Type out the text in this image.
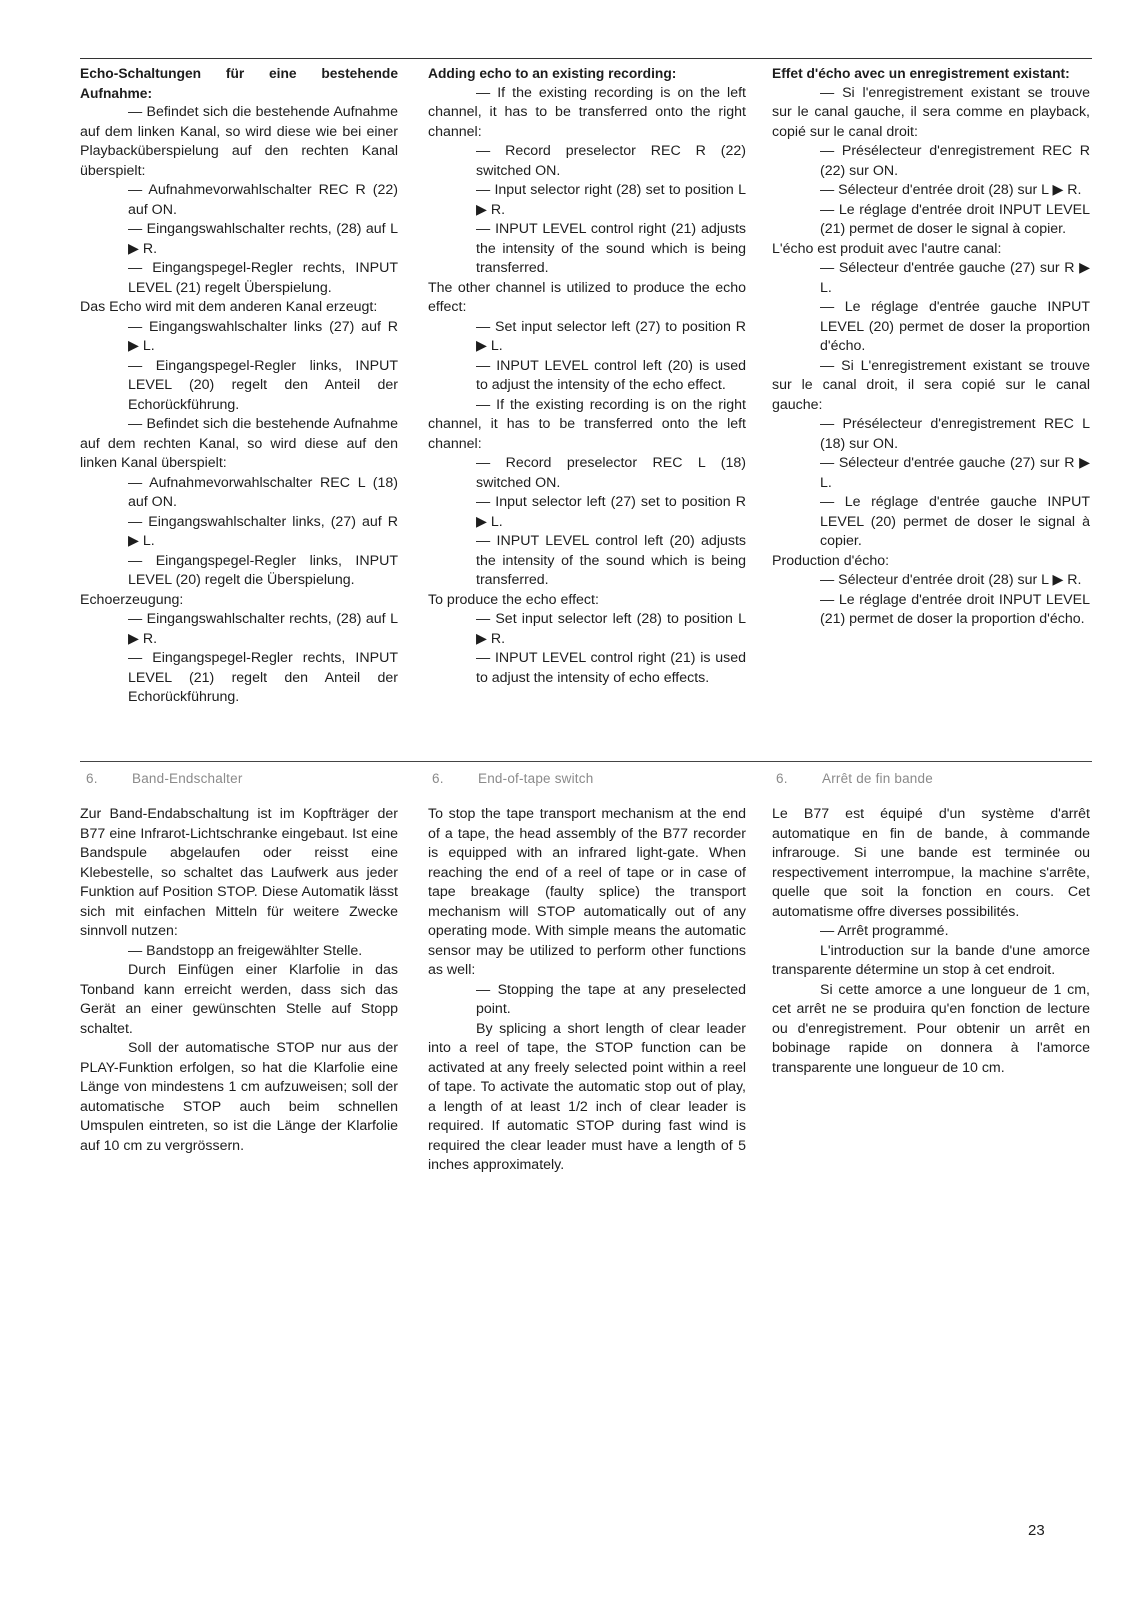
Echo-Schaltungen für eine bestehende Aufnahme:

— Befindet sich die bestehende Aufnahme auf dem linken Kanal, so wird diese wie bei einer Playbacküberspielung auf den rechten Kanal überspielt:

— Aufnahmevorwahlschalter REC R (22) auf ON.

— Eingangswahlschalter rechts, (28) auf L ▶ R.

— Eingangspegel-Regler rechts, INPUT LEVEL (21) regelt Überspielung.

Das Echo wird mit dem anderen Kanal erzeugt:

— Eingangswahlschalter links (27) auf R ▶ L.

— Eingangspegel-Regler links, INPUT LEVEL (20) regelt den Anteil der Echorückführung.

— Befindet sich die bestehende Aufnahme auf dem rechten Kanal, so wird diese auf den linken Kanal überspielt:

— Aufnahmevorwahlschalter REC L (18) auf ON.

— Eingangswahlschalter links, (27) auf R ▶ L.

— Eingangspegel-Regler links, INPUT LEVEL (20) regelt die Überspielung.

Echoerzeugung:

— Eingangswahlschalter rechts, (28) auf L ▶ R.

— Eingangspegel-Regler rechts, INPUT LEVEL (21) regelt den Anteil der Echorückführung.

Adding echo to an existing recording:

— If the existing recording is on the left channel, it has to be transferred onto the right channel:

— Record preselector REC R (22) switched ON.

— Input selector right (28) set to position L ▶ R.

— INPUT LEVEL control right (21) adjusts the intensity of the sound which is being transferred.

The other channel is utilized to produce the echo effect:

— Set input selector left (27) to position R ▶ L.

— INPUT LEVEL control left (20) is used to adjust the intensity of the echo effect.

— If the existing recording is on the right channel, it has to be transferred onto the left channel:

— Record preselector REC L (18) switched ON.

— Input selector left (27) set to position R ▶ L.

— INPUT LEVEL control left (20) adjusts the intensity of the sound which is being transferred.

To produce the echo effect:

— Set input selector left (28) to position L ▶ R.

— INPUT LEVEL control right (21) is used to adjust the intensity of echo effects.

Effet d'écho avec un enregistrement existant:

— Si l'enregistrement existant se trouve sur le canal gauche, il sera comme en playback, copié sur le canal droit:

— Présélecteur d'enregistrement REC R (22) sur ON.

— Sélecteur d'entrée droit (28) sur L ▶ R.

— Le réglage d'entrée droit INPUT LEVEL (21) permet de doser le signal à copier.

L'écho est produit avec l'autre canal:

— Sélecteur d'entrée gauche (27) sur R ▶ L.

— Le réglage d'entrée gauche INPUT LEVEL (20) permet de doser la proportion d'écho.

— Si L'enregistrement existant se trouve sur le canal droit, il sera copié sur le canal gauche:

— Présélecteur d'enregistrement REC L (18) sur ON.

— Sélecteur d'entrée gauche (27) sur R ▶ L.

— Le réglage d'entrée gauche INPUT LEVEL (20) permet de doser le signal à copier.

Production d'écho:

— Sélecteur d'entrée droit (28) sur L ▶ R.

— Le réglage d'entrée droit INPUT LEVEL (21) permet de doser la proportion d'écho.

6.	Band-Endschalter	6.	End-of-tape switch	6.	Arrêt de fin bande

Zur Band-Endabschaltung ist im Kopfträger der B77 eine Infrarot-Lichtschranke eingebaut. Ist eine Bandspule abgelaufen oder reisst eine Klebestelle, so schaltet das Laufwerk aus jeder Funktion auf Position STOP. Diese Automatik lässt sich mit einfachen Mitteln für weitere Zwecke sinnvoll nutzen:

— Bandstopp an freigewählter Stelle.

Durch Einfügen einer Klarfolie in das Tonband kann erreicht werden, dass sich das Gerät an einer gewünschten Stelle auf Stopp schaltet.

Soll der automatische STOP nur aus der PLAY-Funktion erfolgen, so hat die Klarfolie eine Länge von mindestens 1 cm aufzuweisen; soll der automatische STOP auch beim schnellen Umspulen eintreten, so ist die Länge der Klarfolie auf 10 cm zu vergrössern.

To stop the tape transport mechanism at the end of a tape, the head assembly of the B77 recorder is equipped with an infrared light-gate. When reaching the end of a reel of tape or in case of tape breakage (faulty splice) the transport mechanism will STOP automatically out of any operating mode. With simple means the automatic sensor may be utilized to perform other functions as well:

— Stopping the tape at any preselected point.

By splicing a short length of clear leader into a reel of tape, the STOP function can be activated at any freely selected point within a reel of tape. To activate the automatic stop out of play, a length of at least 1/2 inch of clear leader is required. If automatic STOP during fast wind is required the clear leader must have a length of 5 inches approximately.

Le B77 est équipé d'un système d'arrêt automatique en fin de bande, à commande infrarouge. Si une bande est terminée ou respectivement interrompue, la machine s'arrête, quelle que soit la fonction en cours. Cet automatisme offre diverses possibilités.

— Arrêt programmé.

L'introduction sur la bande d'une amorce transparente détermine un stop à cet endroit.

Si cette amorce a une longueur de 1 cm, cet arrêt ne se produira qu'en fonction de lecture ou d'enregistrement. Pour obtenir un arrêt en bobinage rapide on donnera à l'amorce transparente une longueur de 10 cm.

23
